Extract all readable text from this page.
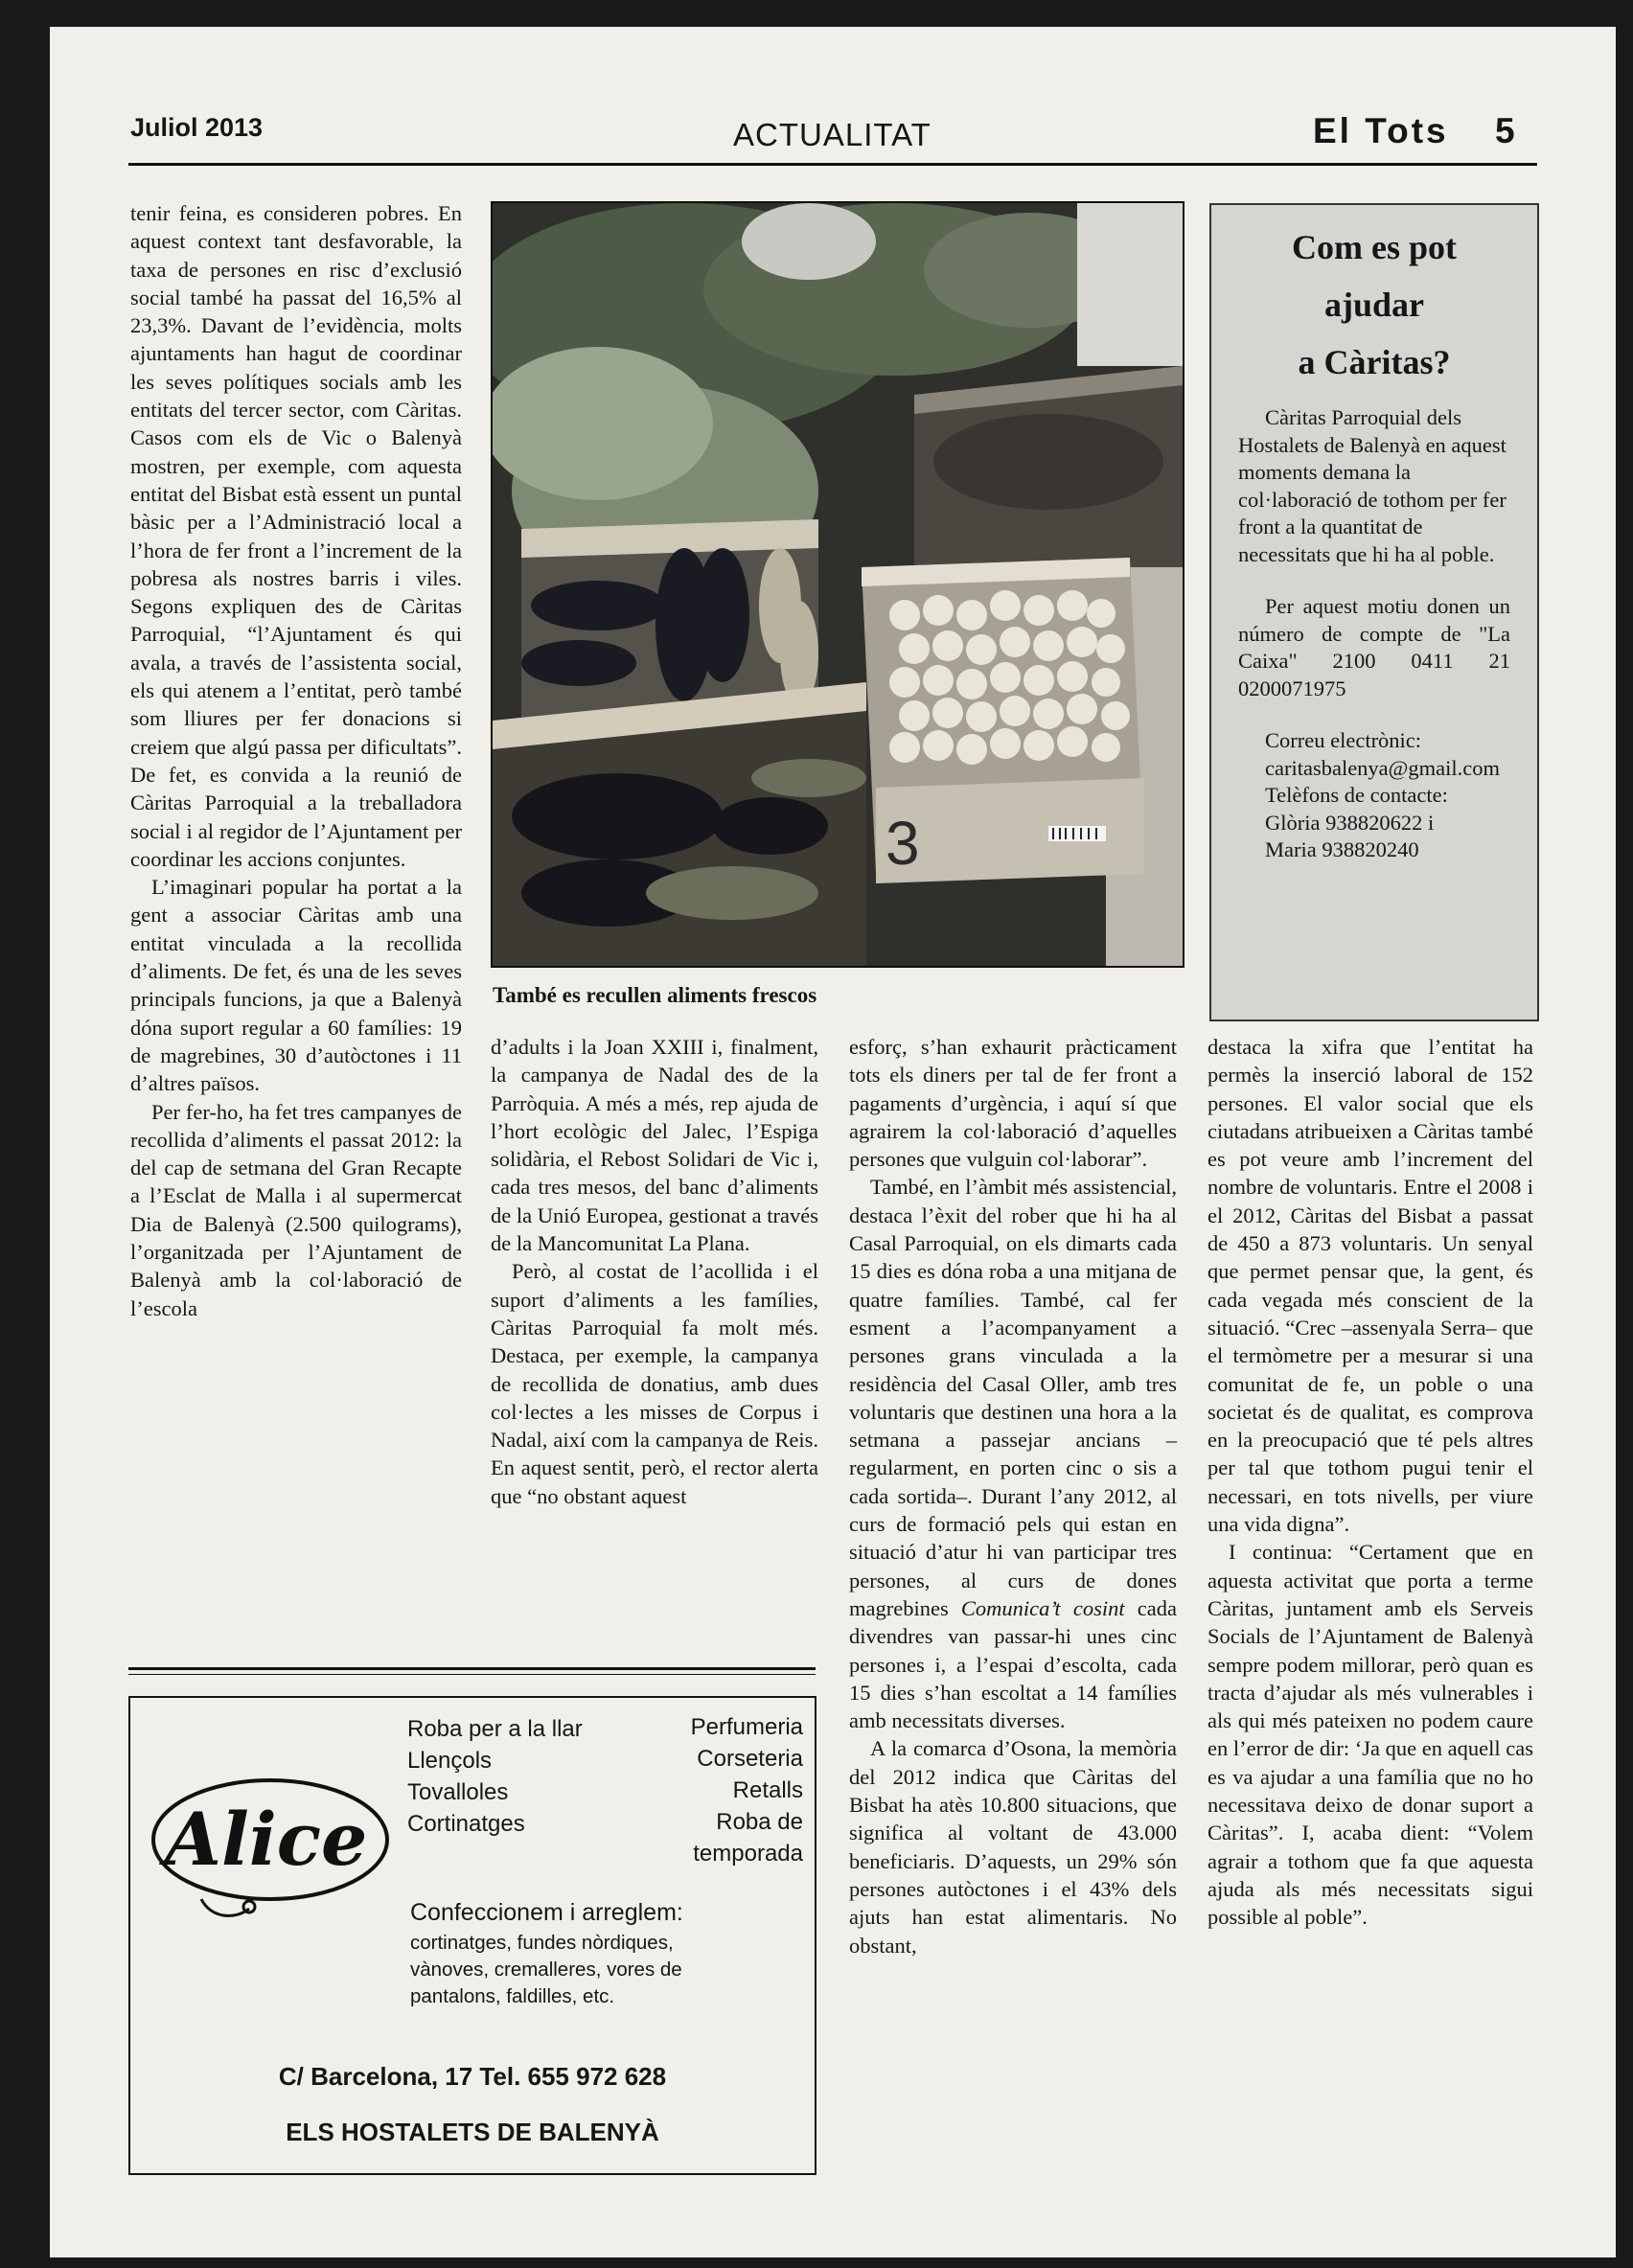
Juliol 2013	ACTUALITAT	El Tots 5

tenir feina, es consideren pobres. En aquest context tant desfavorable, la taxa de persones en risc d’exclusió social també ha passat del 16,5% al 23,3%. Davant de l’evidència, molts ajuntaments han hagut de coordinar les seves polítiques socials amb les entitats del tercer sector, com Càritas. Casos com els de Vic o Balenyà mostren, per exemple, com aquesta entitat del Bisbat està essent un puntal bàsic per a l’Administració local a l’hora de fer front a l’increment de la pobresa als nostres barris i viles. Segons expliquen des de Càritas Parroquial, “l’Ajuntament és qui avala, a través de l’assistenta social, els qui atenem a l’entitat, però també som lliures per fer donacions si creiem que algú passa per dificultats”. De fet, es convida a la reunió de Càritas Parroquial a la treballadora social i al regidor de l’Ajuntament per coordinar les accions conjuntes.

L’imaginari popular ha portat a la gent a associar Càritas amb una entitat vinculada a la recollida d’aliments. De fet, és una de les seves principals funcions, ja que a Balenyà dóna suport regular a 60 famílies: 19 de magrebines, 30 d’autòctones i 11 d’altres països.

Per fer-ho, ha fet tres campanyes de recollida d’aliments el passat 2012: la del cap de setmana del Gran Recapte a l’Esclat de Malla i al supermercat Dia de Balenyà (2.500 quilograms), l’organitzada per l’Ajuntament de Balenyà amb la col·laboració de l’escola

3
També es recullen aliments frescos
Com es pot
ajudar
a Càritas?

Càritas Parroquial dels Hostalets de Balenyà en aquest moments demana la col·laboració de tothom per fer front a la quantitat de necessitats que hi ha al poble.

Per aquest motiu donen un número de compte de "La Caixa" 2100 0411 21 0200071975

Correu electrònic:
caritasbalenya@gmail.com
Telèfons de contacte:
Glòria 938820622 i
Maria 938820240

d’adults i la Joan XXIII i, finalment, la campanya de Nadal des de la Parròquia. A més a més, rep ajuda de l’hort ecològic del Jalec, l’Espiga solidària, el Rebost Solidari de Vic i, cada tres mesos, del banc d’aliments de la Unió Europea, gestionat a través de la Mancomunitat La Plana.

Però, al costat de l’acollida i el suport d’aliments a les famílies, Càritas Parroquial fa molt més. Destaca, per exemple, la campanya de recollida de donatius, amb dues col·lectes a les misses de Corpus i Nadal, així com la campanya de Reis. En aquest sentit, però, el rector alerta que “no obstant aquest

esforç, s’han exhaurit pràcticament tots els diners per tal de fer front a pagaments d’urgència, i aquí sí que agrairem la col·laboració d’aquelles persones que vulguin col·laborar”.

També, en l’àmbit més assistencial, destaca l’èxit del rober que hi ha al Casal Parroquial, on els dimarts cada 15 dies es dóna roba a una mitjana de quatre famílies. També, cal fer esment a l’acompanyament a persones grans vinculada a la residència del Casal Oller, amb tres voluntaris que destinen una hora a la setmana a passejar ancians –regularment, en porten cinc o sis a cada sortida–. Durant l’any 2012, al curs de formació pels qui estan en situació d’atur hi van participar tres persones, al curs de dones magrebines Comunica’t cosint cada divendres van passar-hi unes cinc persones i, a l’espai d’escolta, cada 15 dies s’han escoltat a 14 famílies amb necessitats diverses.

A la comarca d’Osona, la memòria del 2012 indica que Càritas del Bisbat ha atès 10.800 situacions, que significa al voltant de 43.000 beneficiaris. D’aquests, un 29% són persones autòctones i el 43% dels ajuts han estat alimentaris. No obstant,

destaca la xifra que l’entitat ha permès la inserció laboral de 152 persones. El valor social que els ciutadans atribueixen a Càritas també es pot veure amb l’increment del nombre de voluntaris. Entre el 2008 i el 2012, Càritas del Bisbat a passat de 450 a 873 voluntaris. Un senyal que permet pensar que, la gent, és cada vegada més conscient de la situació. “Crec –assenyala Serra– que el termòmetre per a mesurar si una comunitat de fe, un poble o una societat és de qualitat, es comprova en la preocupació que té pels altres per tal que tothom pugui tenir el necessari, en tots nivells, per viure una vida digna”.

I continua: “Certament que en aquesta activitat que porta a terme Càritas, juntament amb els Serveis Socials de l’Ajuntament de Balenyà sempre podem millorar, però quan es tracta d’ajudar als més vulnerables i als qui més pateixen no podem caure en l’error de dir: ‘Ja que en aquell cas es va ajudar a una família que no ho necessitava deixo de donar suport a Càritas”. I, acaba dient: “Volem agrair a tothom que fa que aquesta ajuda als més necessitats sigui possible al poble”.

Alice
Roba per a la llar
Llençols
Tovalloles
Cortinatges
Perfumeria
Corseteria
Retalls
Roba de
temporada
Confeccionem i arreglem:
cortinatges, fundes nòrdiques, vànoves, cremalleres, vores de pantalons, faldilles, etc.
C/ Barcelona, 17 Tel. 655 972 628
ELS HOSTALETS DE BALENYÀ
